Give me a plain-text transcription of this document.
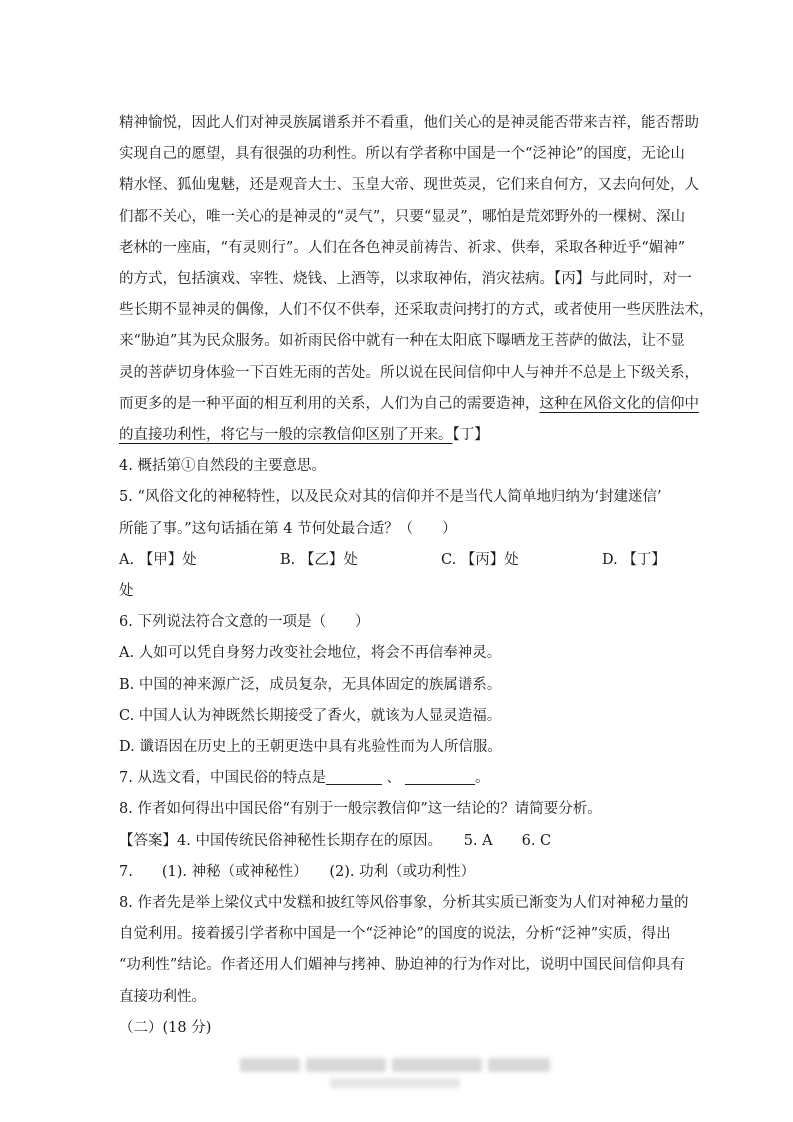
精神愉悦，因此人们对神灵族属谱系并不看重，他们关心的是神灵能否带来吉祥，能否帮助

实现自己的愿望，具有很强的功利性。所以有学者称中国是一个“泛神论”的国度，无论山

精水怪、狐仙鬼魅，还是观音大士、玉皇大帝、现世英灵，它们来自何方，又去向何处，人

们都不关心，唯一关心的是神灵的“灵气”，只要“显灵”，哪怕是荒郊野外的一棵树、深山

老林的一座庙，“有灵则行”。人们在各色神灵前祷告、祈求、供奉，采取各种近乎“媚神”

的方式，包括演戏、宰牲、烧钱、上酒等，以求取神佑，消灾祛病。【丙】与此同时，对一

些长期不显神灵的偶像，人们不仅不供奉，还采取责问拷打的方式，或者使用一些厌胜法术，

来“胁迫”其为民众服务。如祈雨民俗中就有一种在太阳底下曝晒龙王菩萨的做法，让不显

灵的菩萨切身体验一下百姓无雨的苦处。所以说在民间信仰中人与神并不总是上下级关系，

而更多的是一种平面的相互利用的关系，人们为自己的需要造神，这种在风俗文化的信仰中

的直接功利性，将它与一般的宗教信仰区别了开来。【丁】

4. 概括第①自然段的主要意思。

5. “风俗文化的神秘特性，以及民众对其的信仰并不是当代人简单地归纳为‘封建迷信’

所能了事。”这句话插在第 4 节何处最合适？（　　）

A. 【甲】处	B. 【乙】处	C. 【丙】处	D. 【丁】

处

6. 下列说法符合文意的一项是（　　）

A. 人如可以凭自身努力改变社会地位，将会不再信奉神灵。

B. 中国的神来源广泛，成员复杂，无具体固定的族属谱系。

C. 中国人认为神既然长期接受了香火，就该为人显灵造福。

D. 谶语因在历史上的王朝更迭中具有兆验性而为人所信服。

7. 从选文看，中国民俗的特点是	、	。

8. 作者如何得出中国民俗“有别于一般宗教信仰”这一结论的？请简要分析。

【答案】4. 中国传统民俗神秘性长期存在的原因。　　5. A　　6. C

7.　　(1). 神秘（或神秘性）　　(2). 功利（或功利性）

8. 作者先是举上梁仪式中发糕和披红等风俗事象，分析其实质已渐变为人们对神秘力量的

自觉利用。接着援引学者称中国是一个“泛神论”的国度的说法，分析“泛神”实质，得出

“功利性”结论。作者还用人们媚神与拷神、胁迫神的行为作对比，说明中国民间信仰具有

直接功利性。

（二）(18 分)
